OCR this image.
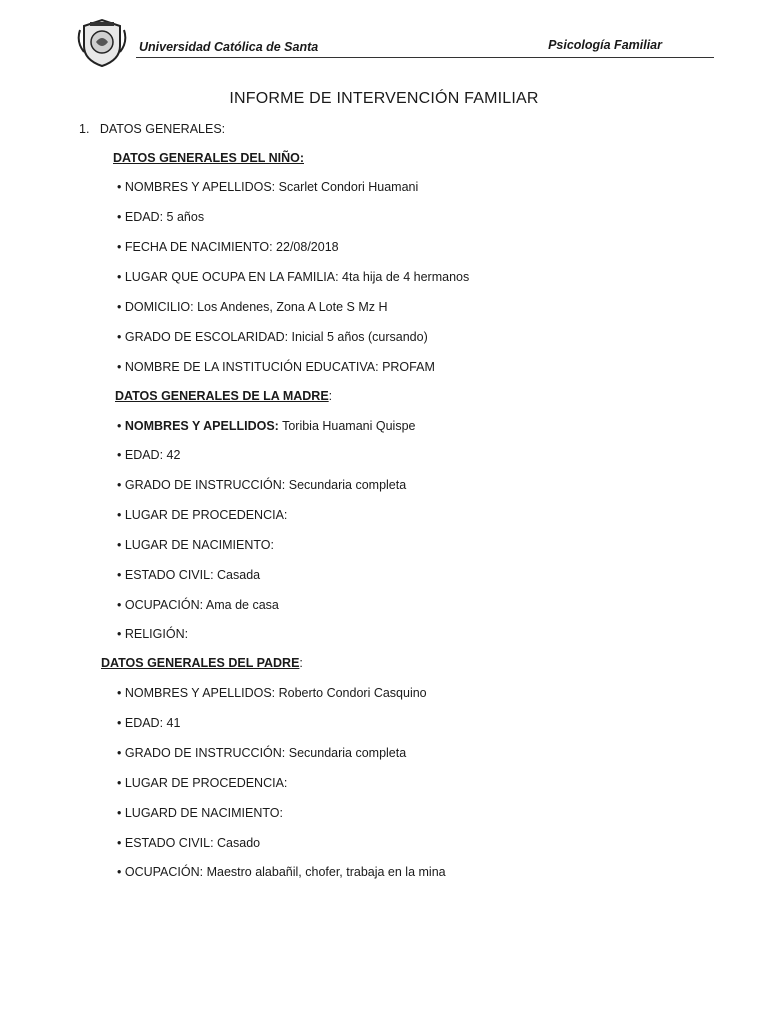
Universidad Católica de Santa	Psicología Familiar
INFORME DE INTERVENCIÓN FAMILIAR
1. DATOS GENERALES:
DATOS GENERALES DEL NIÑO:
• NOMBRES Y APELLIDOS: Scarlet Condori Huamani
• EDAD: 5 años
• FECHA DE NACIMIENTO: 22/08/2018
• LUGAR QUE OCUPA EN LA FAMILIA: 4ta hija de 4 hermanos
• DOMICILIO: Los Andenes, Zona A Lote S Mz H
• GRADO DE ESCOLARIDAD: Inicial 5 años (cursando)
• NOMBRE DE LA INSTITUCIÓN EDUCATIVA: PROFAM
DATOS GENERALES DE LA MADRE:
• NOMBRES Y APELLIDOS: Toribia Huamani Quispe
• EDAD: 42
• GRADO DE INSTRUCCIÓN: Secundaria completa
• LUGAR DE PROCEDENCIA:
• LUGAR DE NACIMIENTO:
• ESTADO CIVIL: Casada
• OCUPACIÓN: Ama de casa
• RELIGIÓN:
DATOS GENERALES DEL PADRE:
• NOMBRES Y APELLIDOS: Roberto Condori Casquino
• EDAD: 41
• GRADO DE INSTRUCCIÓN: Secundaria completa
• LUGAR DE PROCEDENCIA:
• LUGARD DE NACIMIENTO:
• ESTADO CIVIL: Casado
• OCUPACIÓN: Maestro alabañil, chofer, trabaja en la mina
